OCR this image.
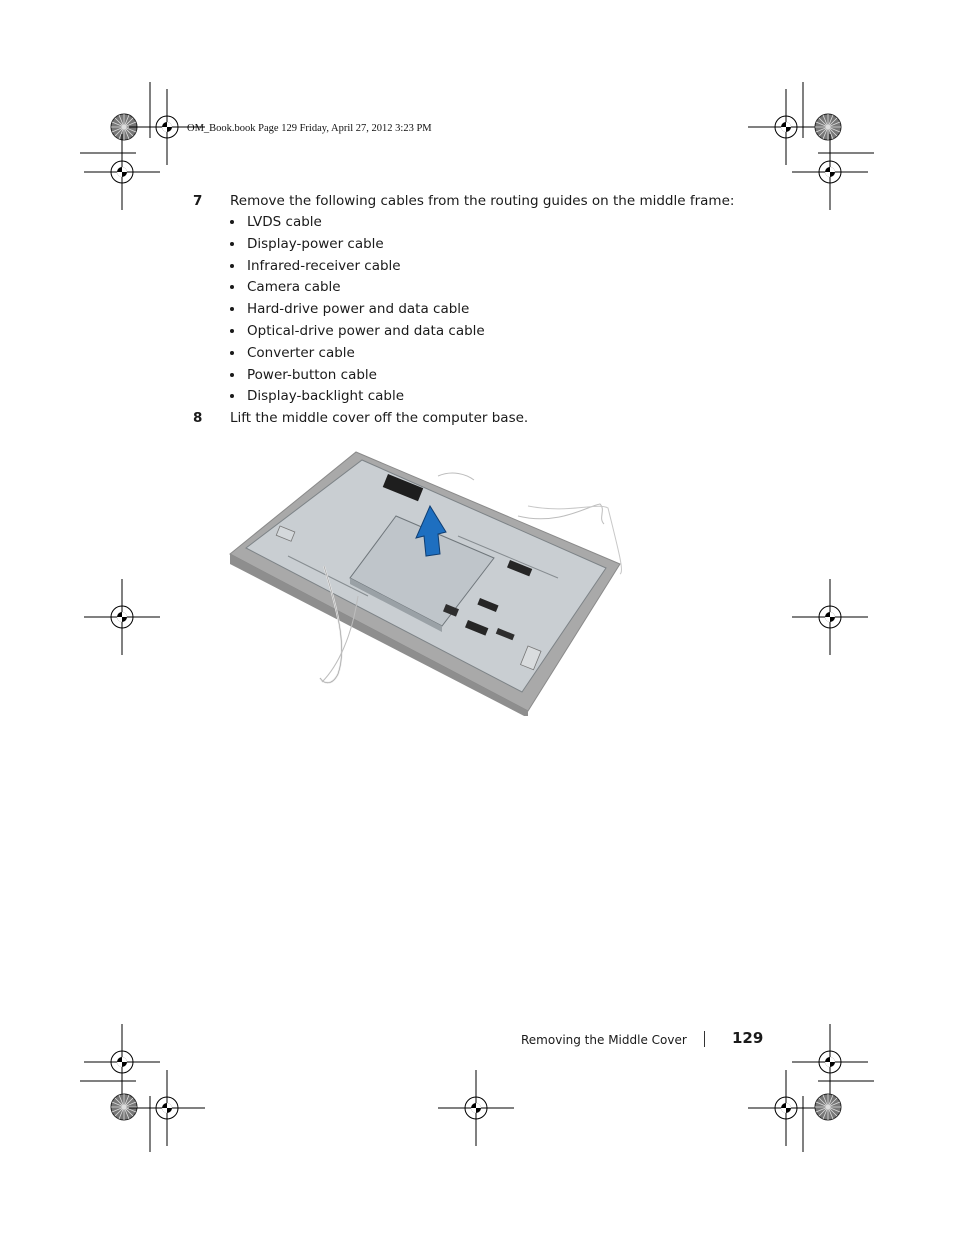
OM_Book.book Page 129 Friday, April 27, 2012 3:23 PM
7 Remove the following cables from the routing guides on the middle frame:
LVDS cable
Display-power cable
Infrared-receiver cable
Camera cable
Hard-drive power and data cable
Optical-drive power and data cable
Converter cable
Power-button cable
Display-backlight cable
8 Lift the middle cover off the computer base.
Removing the Middle Cover	129
